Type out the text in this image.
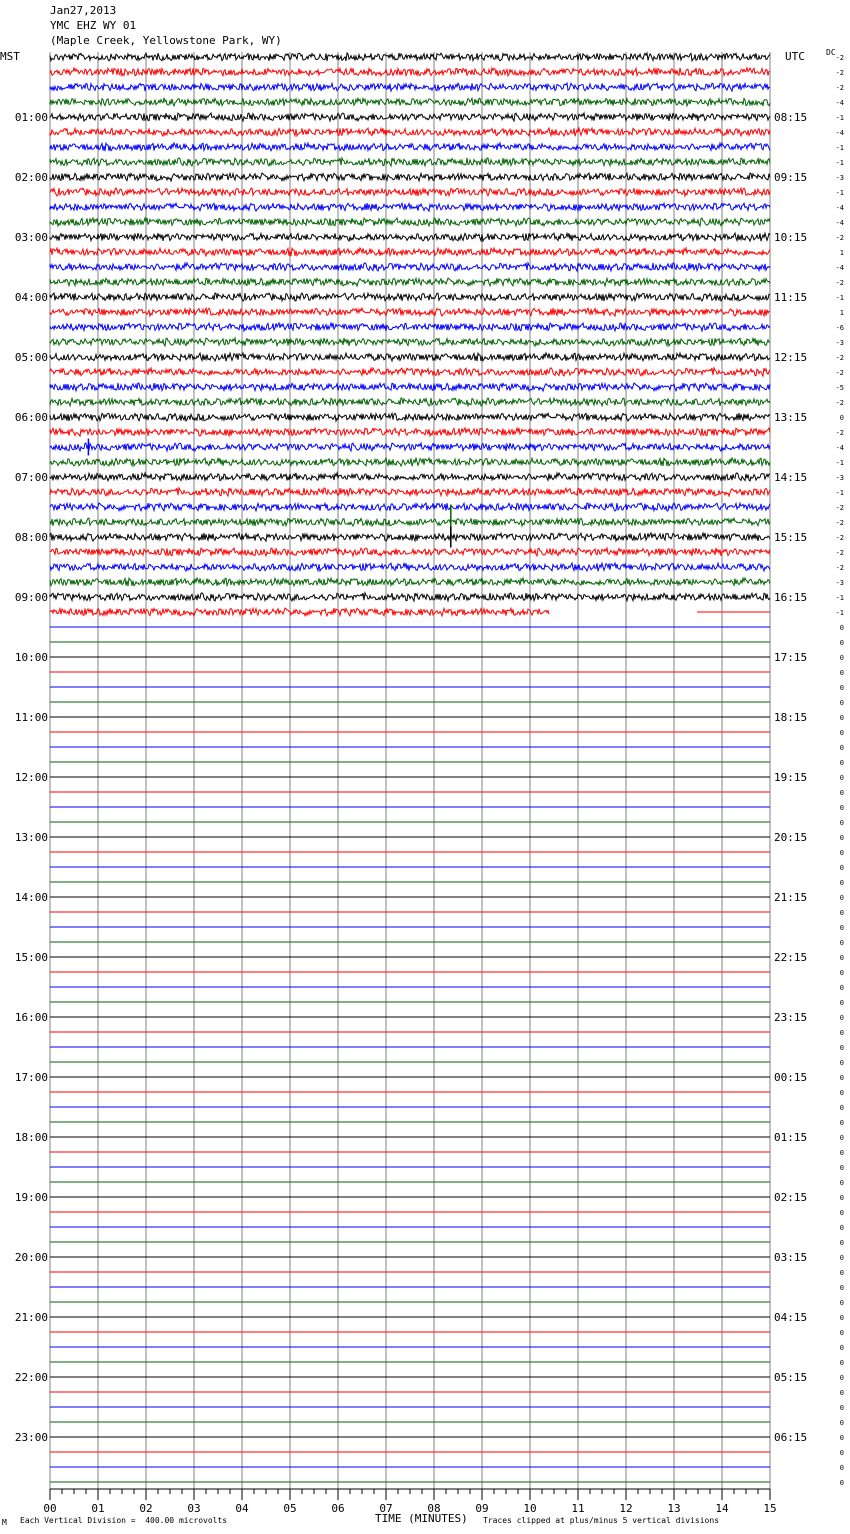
Jan27,2013
YMC EHZ WY 01
(Maple Creek, Yellowstone Park, WY)
MST	UTC	DC
01:00
02:00
03:00
04:00
05:00
06:00
07:00
08:00
09:00
10:00
11:00
12:00
13:00
14:00
15:00
16:00
17:00
18:00
19:00
20:00
21:00
22:00
23:00
08:15
09:15
10:15
11:15
12:15
13:15
14:15
15:15
16:15
17:15
18:15
19:15
20:15
21:15
22:15
23:15
00:15
01:15
02:15
03:15
04:15
05:15
06:15
-2
-2
-2
-4
-1
-4
-1
-1
-3
-1
-4
-4
-2
1
-4
-2
-1
1
-6
-3
-2
-2
-5
-2
0
-2
-4
-1
-3
-1
-2
-2
-2
-2
-2
-3
-1
-1
0
0
0
0
0
0
0
0
0
0
0
0
0
0
0
0
0
0
0
0
0
0
0
0
0
0
0
0
0
0
0
0
0
0
0
0
0
0
0
0
0
0
0
0
0
0
0
0
0
0
0
0
0
0
0
0
0
0
00	01	02	03	04	05	06	07	08	09	10	11	12	13	14	15
TIME (MINUTES)
Each Vertical Division =  400.00 microvolts	Traces clipped at plus/minus 5 vertical divisions
M
